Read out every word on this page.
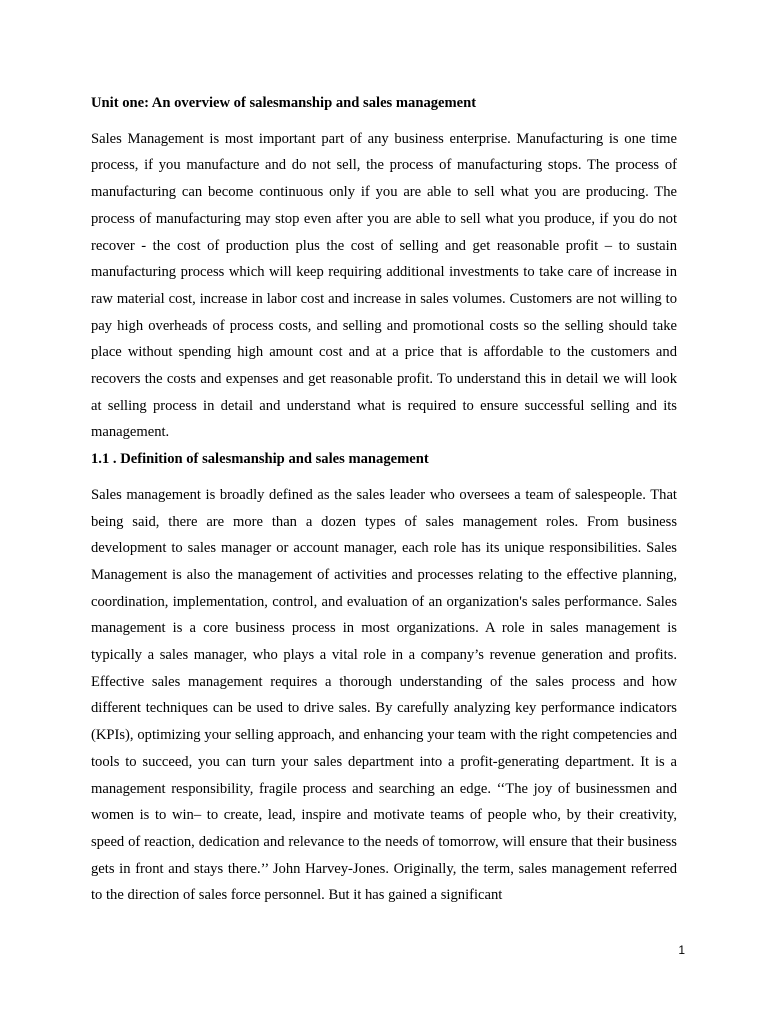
Unit one: An overview of salesmanship and sales management

Sales Management is most important part of any business enterprise. Manufacturing is one time process, if you manufacture and do not sell, the process of manufacturing stops. The process of manufacturing can become continuous only if you are able to sell what you are producing. The process of manufacturing may stop even after you are able to sell what you produce, if you do not recover - the cost of production plus the cost of selling and get reasonable profit – to sustain manufacturing process which will keep requiring additional investments to take care of increase in raw material cost, increase in labor cost and increase in sales volumes. Customers are not willing to pay high overheads of process costs, and selling and promotional costs so the selling should take place without spending high amount cost and at a price that is affordable to the customers and recovers the costs and expenses and get reasonable profit. To understand this in detail we will look at selling process in detail and understand what is required to ensure successful selling and its management.

1.1 . Definition of salesmanship and sales management

Sales management is broadly defined as the sales leader who oversees a team of salespeople. That being said, there are more than a dozen types of sales management roles. From business development to sales manager or account manager, each role has its unique responsibilities. Sales Management is also the management of activities and processes relating to the effective planning, coordination, implementation, control, and evaluation of an organization's sales performance. Sales management is a core business process in most organizations. A role in sales management is typically a sales manager, who plays a vital role in a company’s revenue generation and profits. Effective sales management requires a thorough understanding of the sales process and how different techniques can be used to drive sales. By carefully analyzing key performance indicators (KPIs), optimizing your selling approach, and enhancing your team with the right competencies and tools to succeed, you can turn your sales department into a profit-generating department. It is a management responsibility, fragile process and searching an edge. ‘‘The joy of businessmen and women is to win– to create, lead, inspire and motivate teams of people who, by their creativity, speed of reaction, dedication and relevance to the needs of tomorrow, will ensure that their business gets in front and stays there.’’ John Harvey-Jones. Originally, the term, sales management referred to the direction of sales force personnel. But it has gained a significant

1
